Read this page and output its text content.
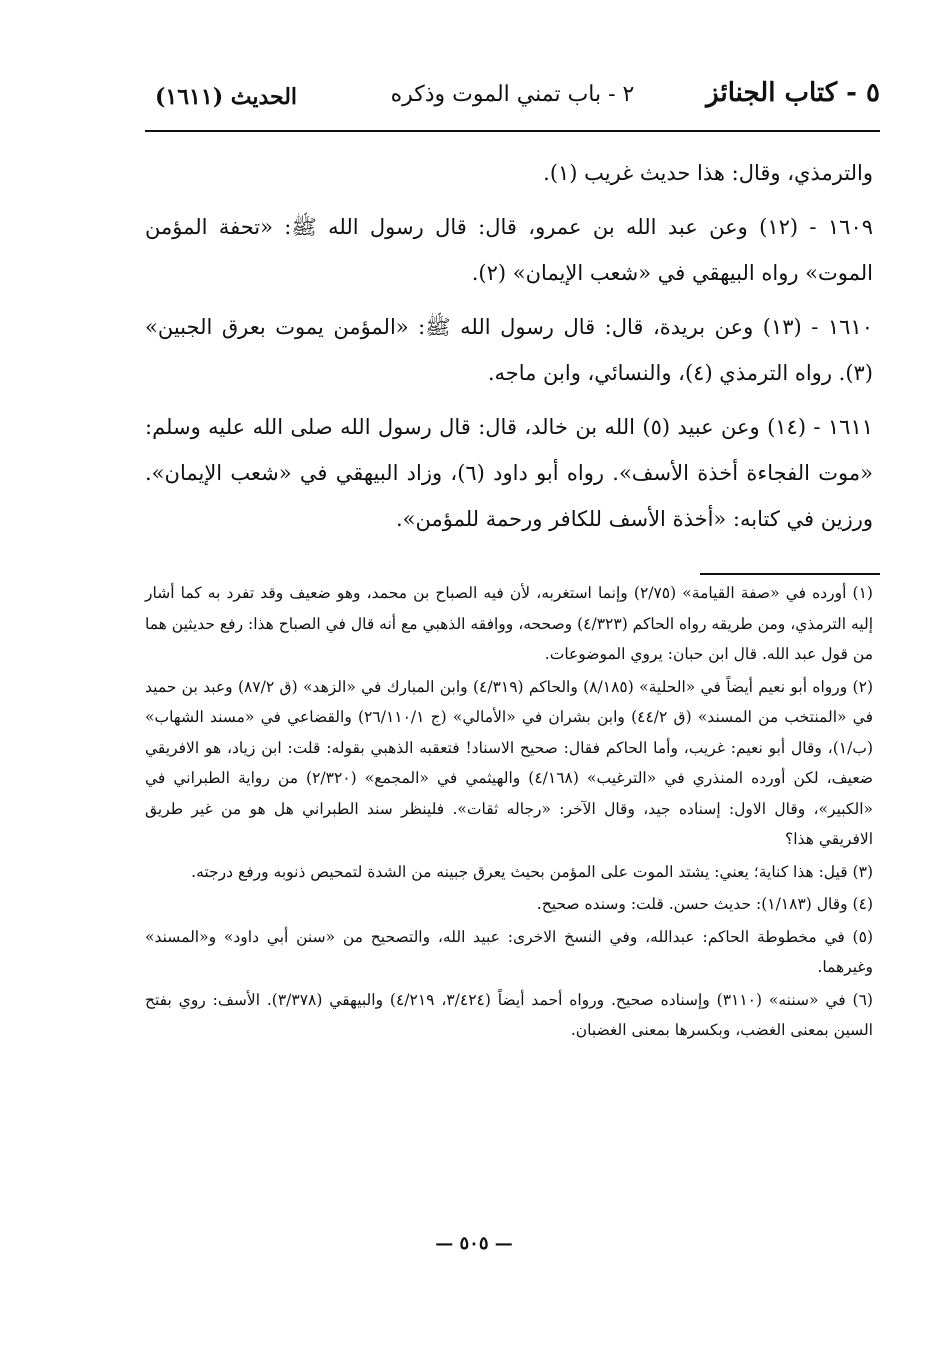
٥ - كتاب الجنائز
٢ - باب تمني الموت وذكره
الحديث (١٦١١)

والترمذي، وقال: هذا حديث غريب (١).

١٦٠٩ - (١٢) وعن عبد الله بن عمرو، قال: قال رسول الله ﷺ: «تحفة المؤمن الموت» رواه البيهقي في «شعب الإيمان» (٢).

١٦١٠ - (١٣) وعن بريدة، قال: قال رسول الله ﷺ: «المؤمن يموت بعرق الجبين» (٣). رواه الترمذي (٤)، والنسائي، وابن ماجه.

١٦١١ - (١٤) وعن عبيد (٥) الله بن خالد، قال: قال رسول الله صلى الله عليه وسلم: «موت الفجاءة أخذة الأسف». رواه أبو داود (٦)، وزاد البيهقي في «شعب الإيمان». ورزين في كتابه: «أخذة الأسف للكافر ورحمة للمؤمن».

(١) أورده في «صفة القيامة» (٢/٧٥) وإنما استغربه، لأن فيه الصباح بن محمد، وهو ضعيف وقد تفرد به كما أشار إليه الترمذي، ومن طريقه رواه الحاكم (٤/٣٢٣) وصححه، ووافقه الذهبي مع أنه قال في الصباح هذا: رفع حديثين هما من قول عبد الله. قال ابن حبان: يروي الموضوعات.

(٢) ورواه أبو نعيم أيضاً في «الحلية» (٨/١٨٥) والحاكم (٤/٣١٩) وابن المبارك في «الزهد» (ق ٨٧/٢) وعبد بن حميد في «المنتخب من المسند» (ق ٤٤/٢) وابن بشران في «الأمالي» (ج ٢٦/١١٠/١) والقضاعي في «مسند الشهاب» (ب/١)، وقال أبو نعيم: غريب، وأما الحاكم فقال: صحيح الاسناد! فتعقبه الذهبي بقوله: قلت: ابن زياد، هو الافريقي ضعيف، لكن أورده المنذري في «الترغيب» (٤/١٦٨) والهيثمي في «المجمع» (٢/٣٢٠) من رواية الطبراني في «الكبير»، وقال الاول: إسناده جيد، وقال الآخر: «رجاله ثقات». فلينظر سند الطبراني هل هو من غير طريق الافريقي هذا؟

(٣) قيل: هذا كناية؛ يعني: يشتد الموت على المؤمن بحيث يعرق جبينه من الشدة لتمحيص ذنوبه ورفع درجته.

(٤) وقال (١/١٨٣): حديث حسن. قلت: وسنده صحيح.

(٥) في مخطوطة الحاكم: عبدالله، وفي النسخ الاخرى: عبيد الله، والتصحيح من «سنن أبي داود» و«المسند» وغيرهما.

(٦) في «سننه» (٣١١٠) وإسناده صحيح. ورواه أحمد أيضاً (٣/٤٢٤، ٤/٢١٩) والبيهقي (٣/٣٧٨). الأسف: روي بفتح السين بمعنى الغضب، وبكسرها بمعنى الغضبان.

— ٥٠٥ —
